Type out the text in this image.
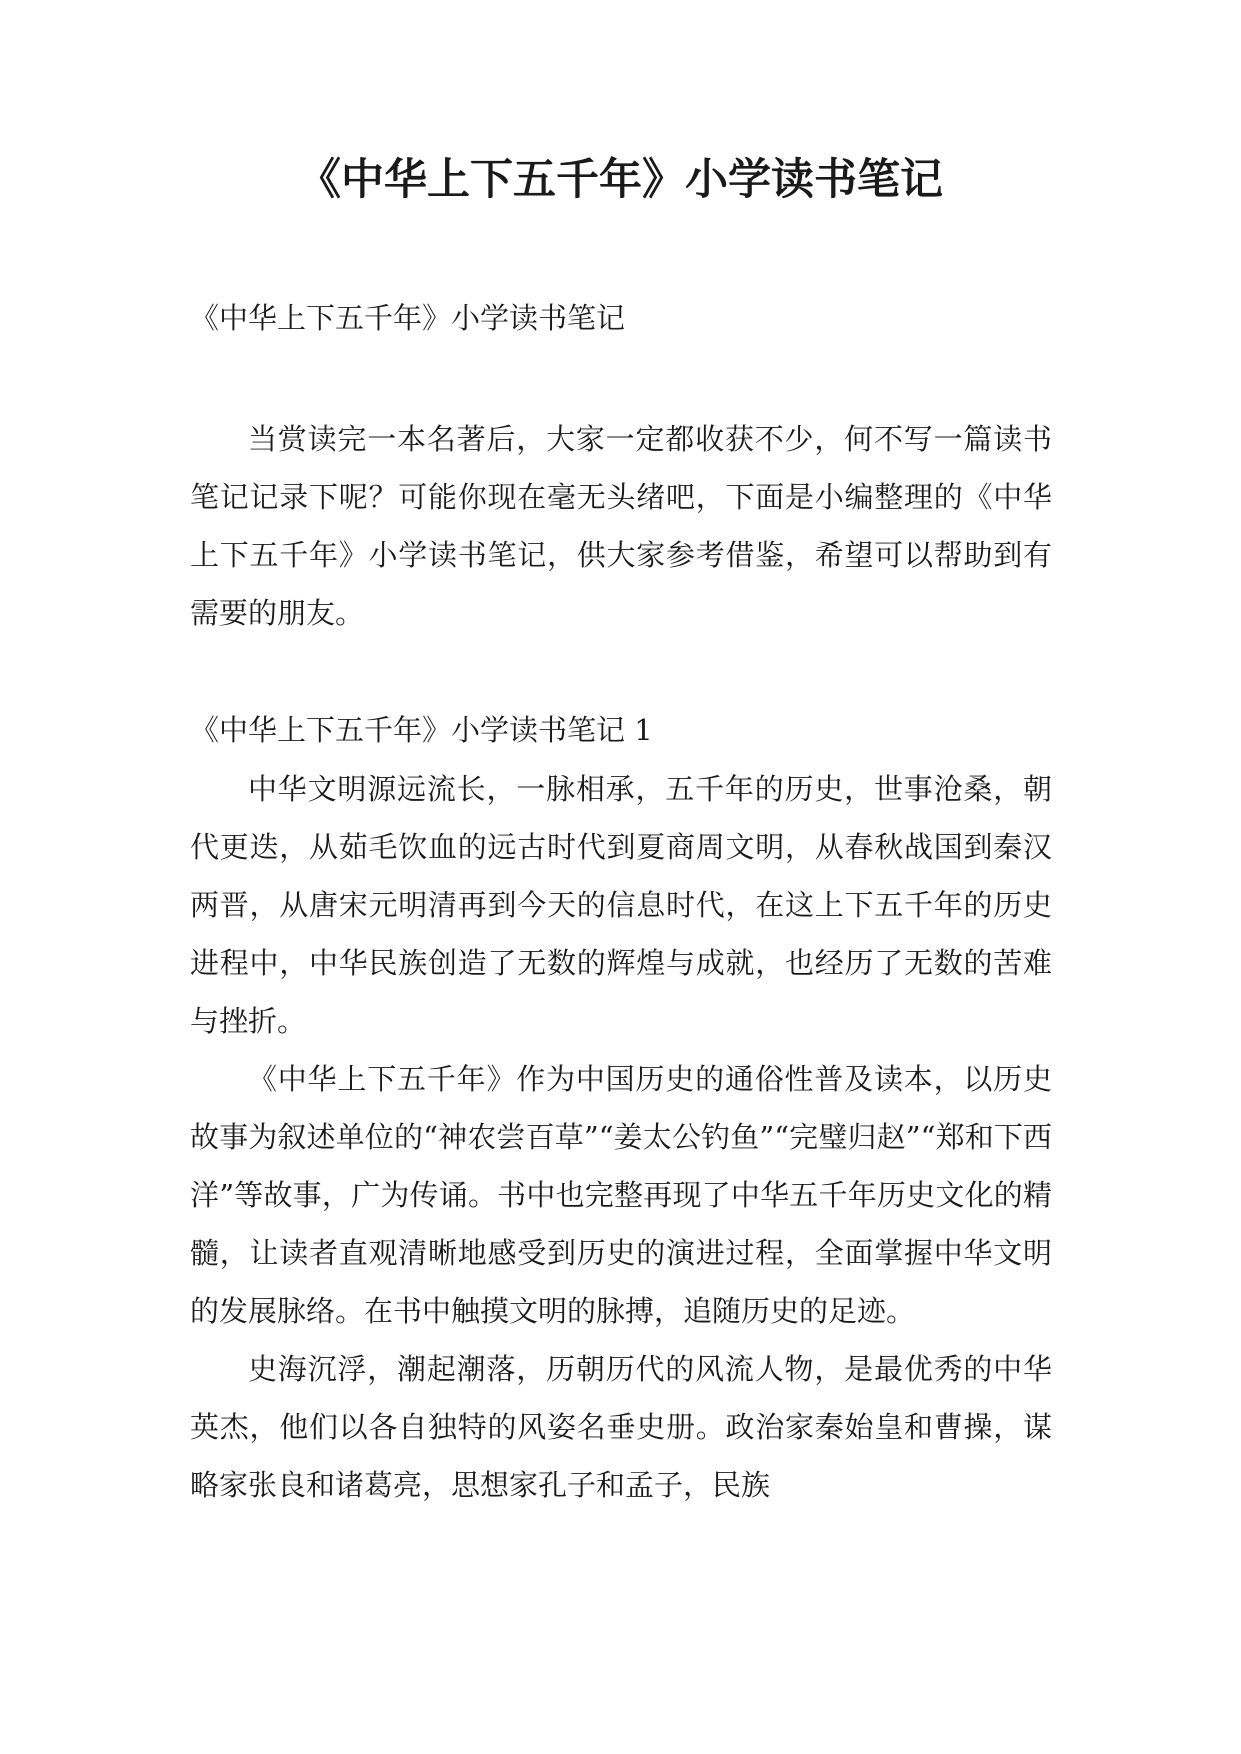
《中华上下五千年》小学读书笔记

《中华上下五千年》小学读书笔记

当赏读完一本名著后，大家一定都收获不少，何不写一篇读书笔记记录下呢？可能你现在毫无头绪吧，下面是小编整理的《中华上下五千年》小学读书笔记，供大家参考借鉴，希望可以帮助到有需要的朋友。

《中华上下五千年》小学读书笔记 1

中华文明源远流长，一脉相承，五千年的历史，世事沧桑，朝代更迭，从茹毛饮血的远古时代到夏商周文明，从春秋战国到秦汉两晋，从唐宋元明清再到今天的信息时代，在这上下五千年的历史进程中，中华民族创造了无数的辉煌与成就，也经历了无数的苦难与挫折。

《中华上下五千年》作为中国历史的通俗性普及读本，以历史故事为叙述单位的“神农尝百草”“姜太公钓鱼”“完璧归赵”“郑和下西洋”等故事，广为传诵。书中也完整再现了中华五千年历史文化的精髓，让读者直观清晰地感受到历史的演进过程，全面掌握中华文明的发展脉络。在书中触摸文明的脉搏，追随历史的足迹。

史海沉浮，潮起潮落，历朝历代的风流人物，是最优秀的中华英杰，他们以各自独特的风姿名垂史册。政治家秦始皇和曹操，谋略家张良和诸葛亮，思想家孔子和孟子，民族
